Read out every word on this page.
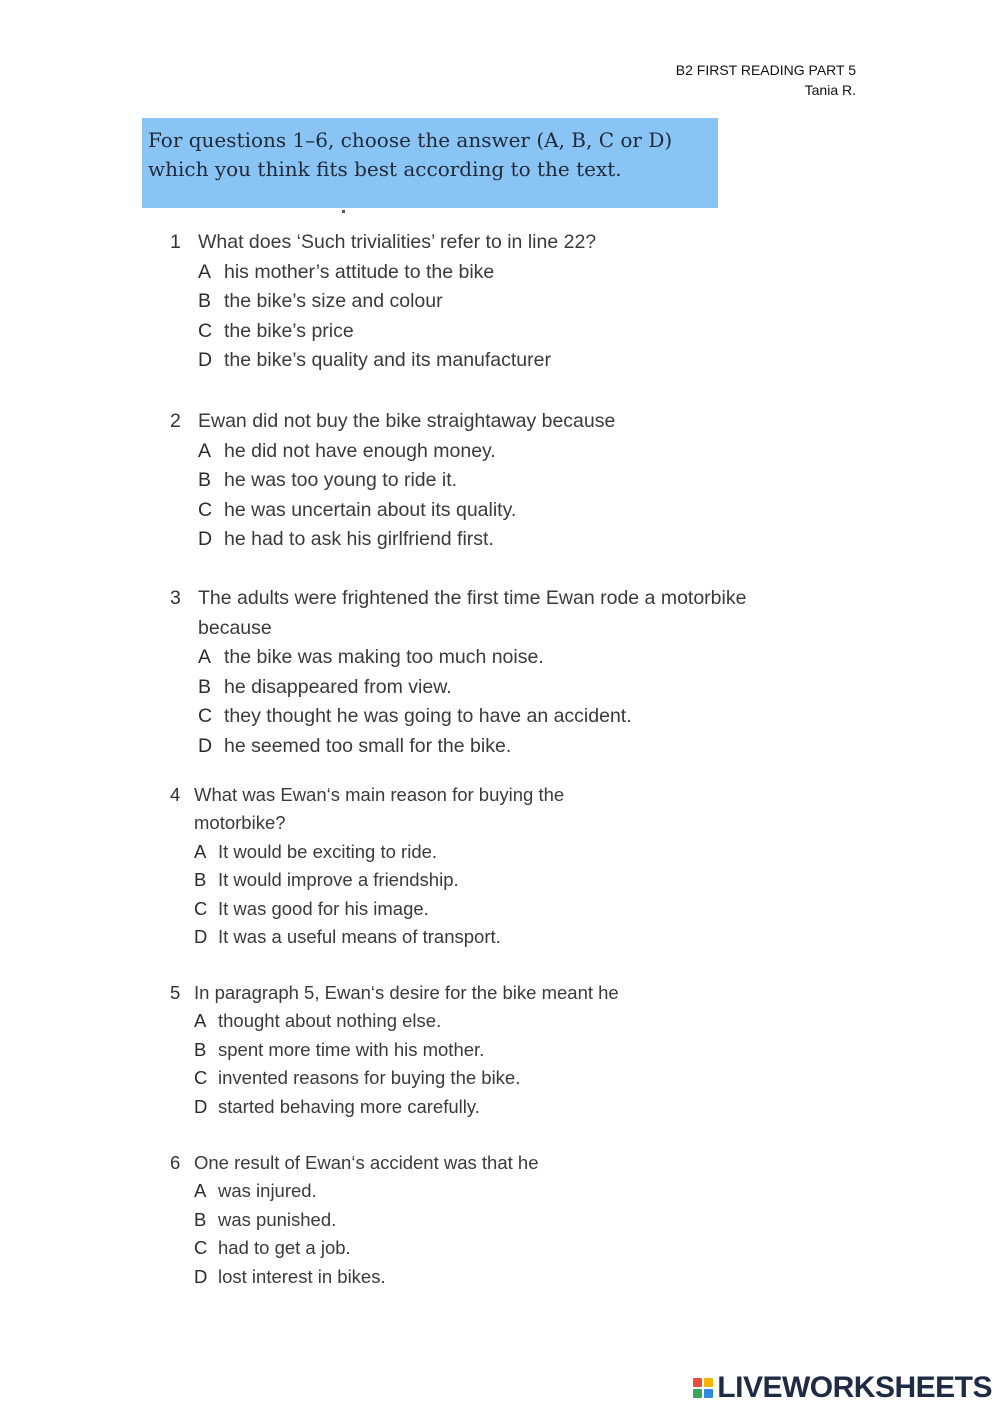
B2 FIRST READING PART 5
Tania R.
For questions 1–6, choose the answer (A, B, C or D) which you think fits best according to the text.
1 What does ‘Such trivialities’ refer to in line 22?
A his mother’s attitude to the bike
B the bike’s size and colour
C the bike’s price
D the bike’s quality and its manufacturer
2 Ewan did not buy the bike straightaway because
A he did not have enough money.
B he was too young to ride it.
C he was uncertain about its quality.
D he had to ask his girlfriend first.
3 The adults were frightened the first time Ewan rode a motorbike because
A the bike was making too much noise.
B he disappeared from view.
C they thought he was going to have an accident.
D he seemed too small for the bike.
4 What was Ewan‘s main reason for buying the motorbike?
A It would be exciting to ride.
B It would improve a friendship.
C It was good for his image.
D It was a useful means of transport.
5 In paragraph 5, Ewan‘s desire for the bike meant he
A thought about nothing else.
B spent more time with his mother.
C invented reasons for buying the bike.
D started behaving more carefully.
6 One result of Ewan‘s accident was that he
A was injured.
B was punished.
C had to get a job.
D lost interest in bikes.
LIVEWORKSHEETS
